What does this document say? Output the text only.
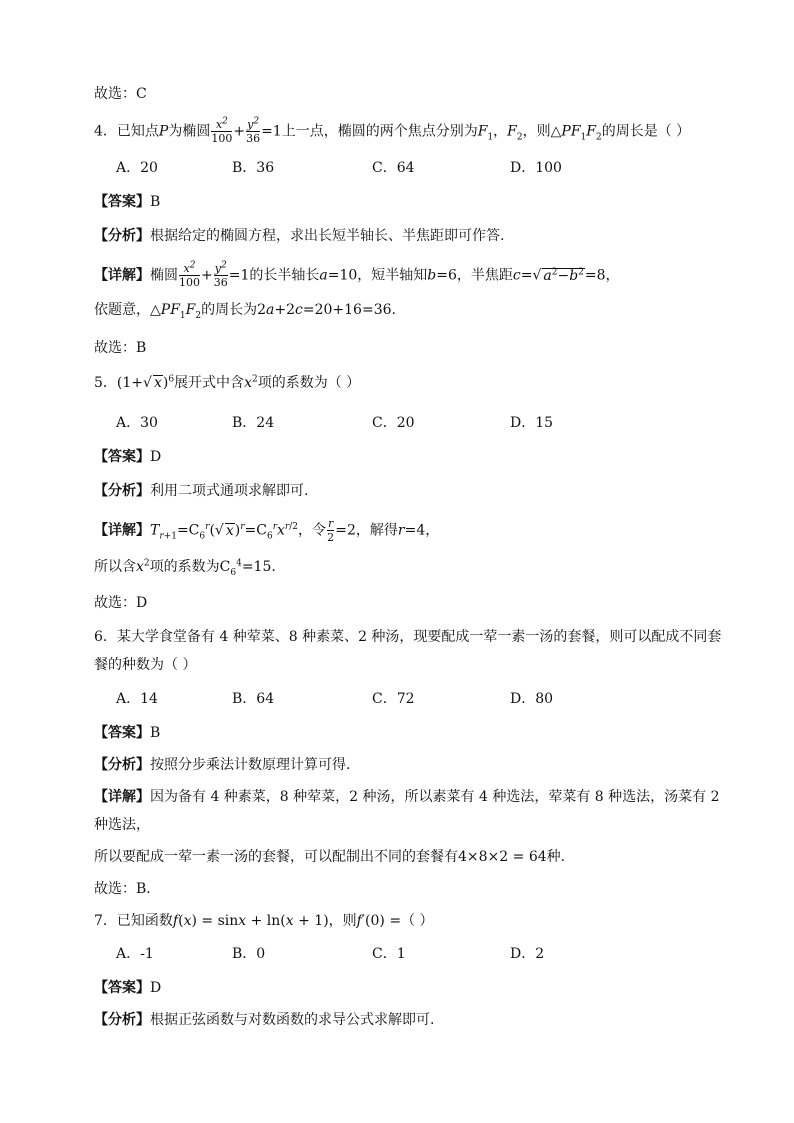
故选：C
4．已知点P为椭圆 $\frac{x^2}{100} + \frac{y^2}{36} =1$上一点，椭圆的两个焦点分别为$F_1$，$F_2$，则$\triangle PF_1F_2$的周长是（ ）
A．20	B．36	C．64	D．100
【答案】B
【分析】根据给定的椭圆方程，求出长短半轴长、半焦距即可作答.
【详解】椭圆 $\frac{x^2}{100} + \frac{y^2}{36} =1$的长半轴长a=10，短半轴知b=6，半焦距c=√ $a^2-b^2=8$，
依题意，$\triangle PF_1F_2$的周长为2a+2c=20+16=36.
故选：B
5．(1+√ x)$^6$展开式中含$x^2$项的系数为（ ）
A．30	B．24	C．20	D．15
【答案】D
【分析】利用二项式通项求解即可.
【详解】$T_{r+1}=C_6^r(√$ $x)^r=C_6^rx^{r/2}$，令 $\frac{r}{2} =2$，解得r=4，
所以含$x^2$项的系数为$C_6^4=15$.
故选：D
6．某大学食堂备有 4 种荤菜、8 种素菜、2 种汤，现要配成一荤一素一汤的套餐，则可以配成不同套
餐的种数为（ ）
A．14	B．64	C．72	D．80
【答案】B
【分析】按照分步乘法计数原理计算可得.
【详解】因为备有 4 种素菜，8 种荤菜，2 种汤，所以素菜有 4 种选法，荤菜有 8 种选法，汤菜有 2
种选法，
所以要配成一荤一素一汤的套餐，可以配制出不同的套餐有4×8×2 = 64种.
故选：B．
7．已知函数f(x) = sinx + ln(x + 1)，则f′(0) =（ ）
A．-1	B．0	C．1	D．2
【答案】D
【分析】根据正弦函数与对数函数的求导公式求解即可.
